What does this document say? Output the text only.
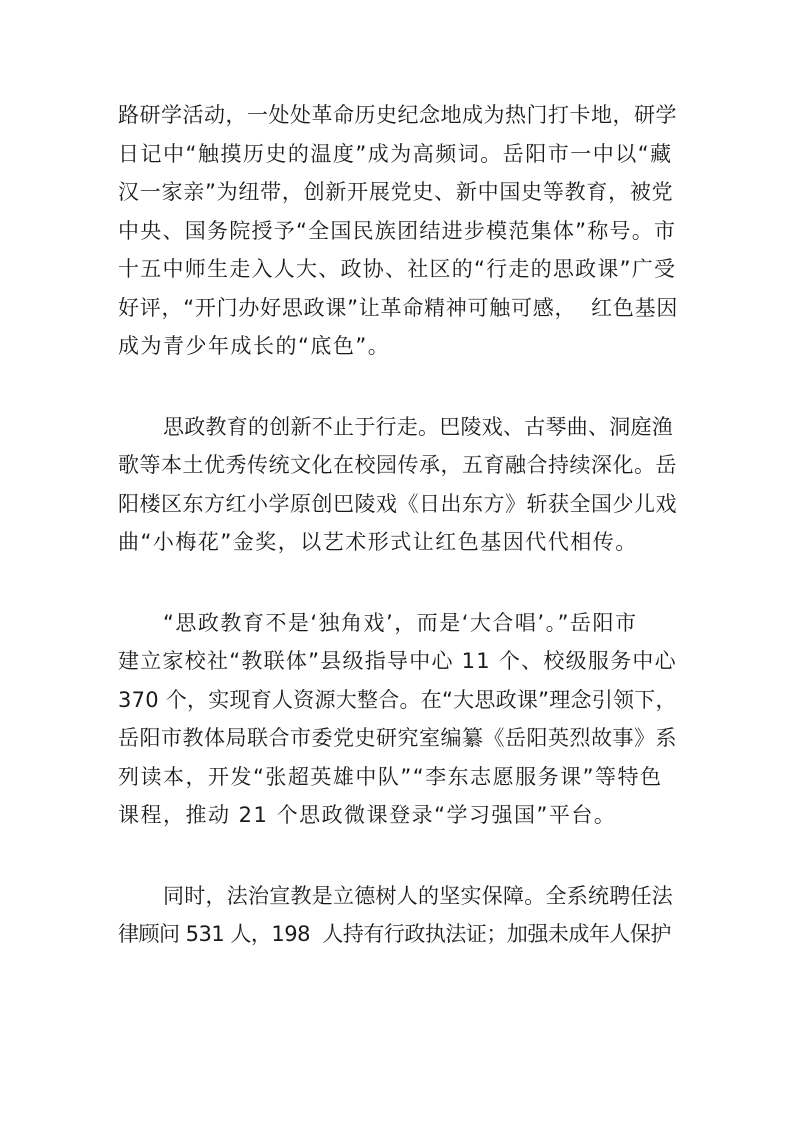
路研学活动，一处处革命历史纪念地成为热门打卡地，研学
日记中“触摸历史的温度”成为高频词。岳阳市一中以“藏
汉一家亲”为纽带，创新开展党史、新中国史等教育，被党
中央、国务院授予“全国民族团结进步模范集体”称号。市
十五中师生走入人大、政协、社区的“行走的思政课”广受
好评，“开门办好思政课”让革命精神可触可感，  红色基因
成为青少年成长的“底色”。

思政教育的创新不止于行走。巴陵戏、古琴曲、洞庭渔
歌等本土优秀传统文化在校园传承，五育融合持续深化。岳
阳楼区东方红小学原创巴陵戏《日出东方》斩获全国少儿戏
曲“小梅花”金奖，以艺术形式让红色基因代代相传。

“思政教育不是‘独角戏’，而是‘大合唱’。”岳阳市
建立家校社“教联体”县级指导中心 11 个、校级服务中心
370 个，实现育人资源大整合。在“大思政课”理念引领下，
岳阳市教体局联合市委党史研究室编纂《岳阳英烈故事》系
列读本，开发“张超英雄中队”“李东志愿服务课”等特色
课程，推动 21 个思政微课登录“学习强国”平台。

同时，法治宣教是立德树人的坚实保障。全系统聘任法
律顾问 531 人，198  人持有行政执法证；加强未成年人保护
